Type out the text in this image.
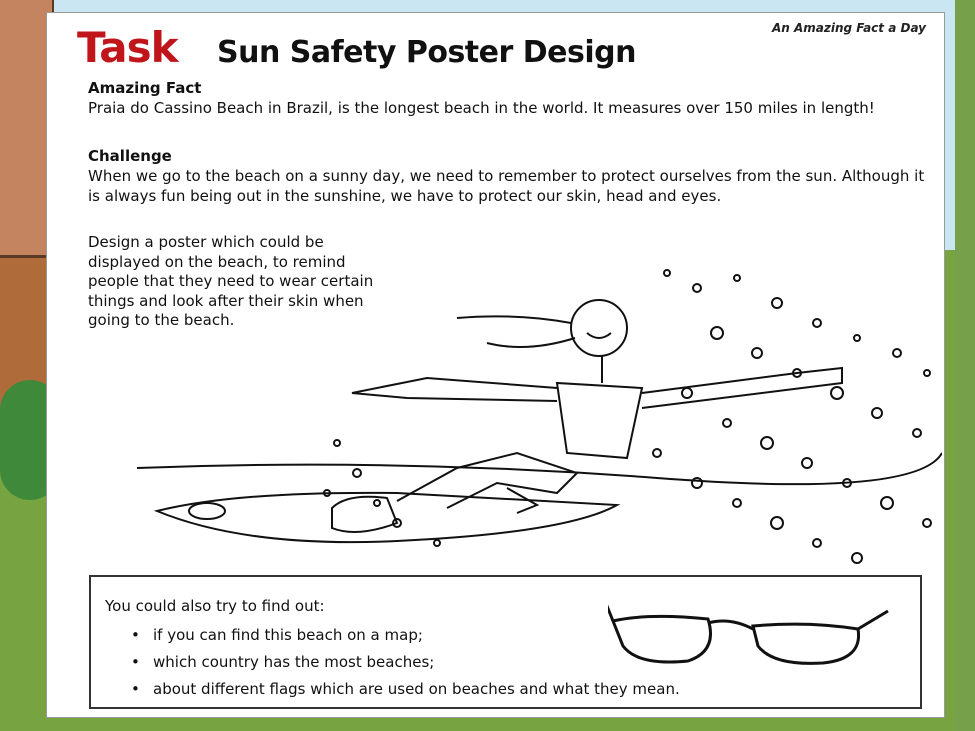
An Amazing Fact a Day
Task Sun Safety Poster Design
Amazing Fact
Praia do Cassino Beach in Brazil, is the longest beach in the world. It measures over 150 miles in length!
Challenge
When we go to the beach on a sunny day, we need to remember to protect ourselves from the sun. Although it is always fun being out in the sunshine, we have to protect our skin, head and eyes.
Design a poster which could be displayed on the beach, to remind people that they need to wear certain things and look after their skin when going to the beach.
You could also try to find out:
• if you can find this beach on a map;
• which country has the most beaches;
• about different flags which are used on beaches and what they mean.
